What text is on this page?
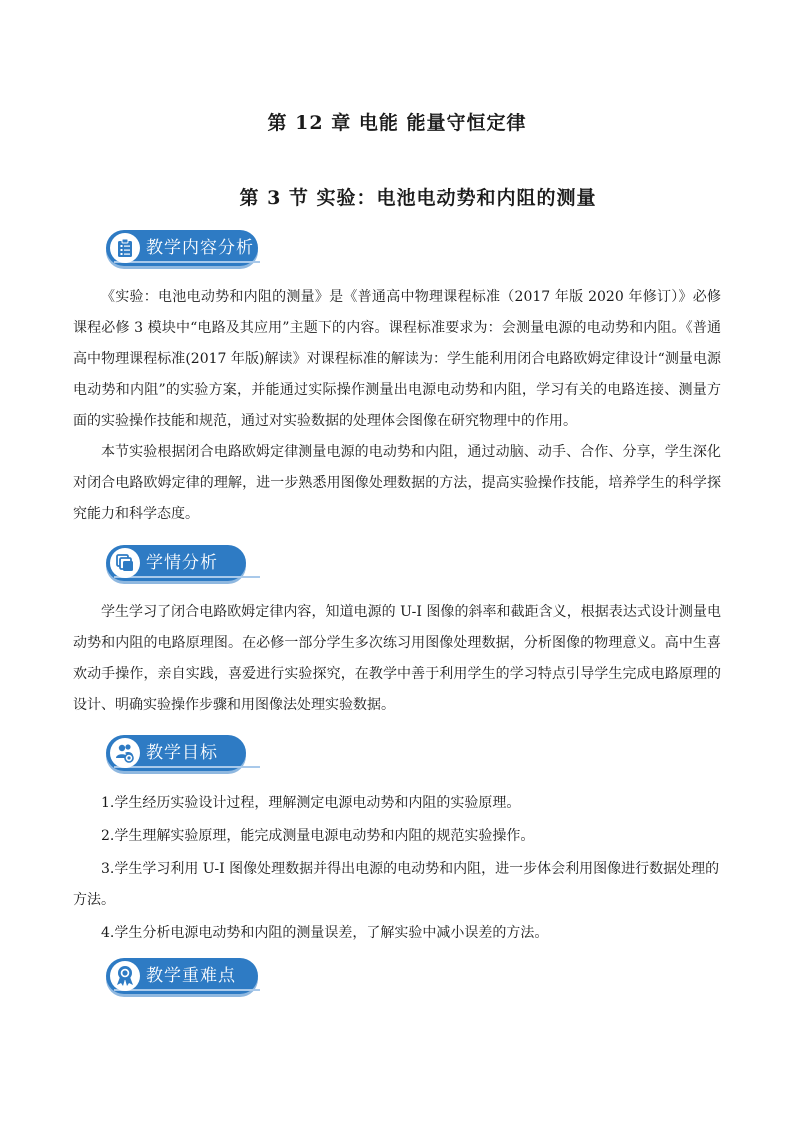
第 12 章 电能 能量守恒定律
第 3 节 实验：电池电动势和内阻的测量
教学内容分析

《实验：电池电动势和内阻的测量》是《普通高中物理课程标准（2017 年版 2020 年修订）》必修课程必修 3 模块中“电路及其应用”主题下的内容。课程标准要求为：会测量电源的电动势和内阻。《普通高中物理课程标准(2017 年版)解读》对课程标准的解读为：学生能利用闭合电路欧姆定律设计“测量电源电动势和内阻”的实验方案，并能通过实际操作测量出电源电动势和内阻，学习有关的电路连接、测量方面的实验操作技能和规范，通过对实验数据的处理体会图像在研究物理中的作用。

本节实验根据闭合电路欧姆定律测量电源的电动势和内阻，通过动脑、动手、合作、分享，学生深化对闭合电路欧姆定律的理解，进一步熟悉用图像处理数据的方法，提高实验操作技能，培养学生的科学探究能力和科学态度。

学情分析

学生学习了闭合电路欧姆定律内容，知道电源的 U-I 图像的斜率和截距含义，根据表达式设计测量电动势和内阻的电路原理图。在必修一部分学生多次练习用图像处理数据，分析图像的物理意义。高中生喜欢动手操作，亲自实践，喜爱进行实验探究，在教学中善于利用学生的学习特点引导学生完成电路原理的设计、明确实验操作步骤和用图像法处理实验数据。

教学目标

1.学生经历实验设计过程，理解测定电源电动势和内阻的实验原理。

2.学生理解实验原理，能完成测量电源电动势和内阻的规范实验操作。

3.学生学习利用 U-I 图像处理数据并得出电源的电动势和内阻，进一步体会利用图像进行数据处理的方法。

4.学生分析电源电动势和内阻的测量误差，了解实验中减小误差的方法。

教学重难点
